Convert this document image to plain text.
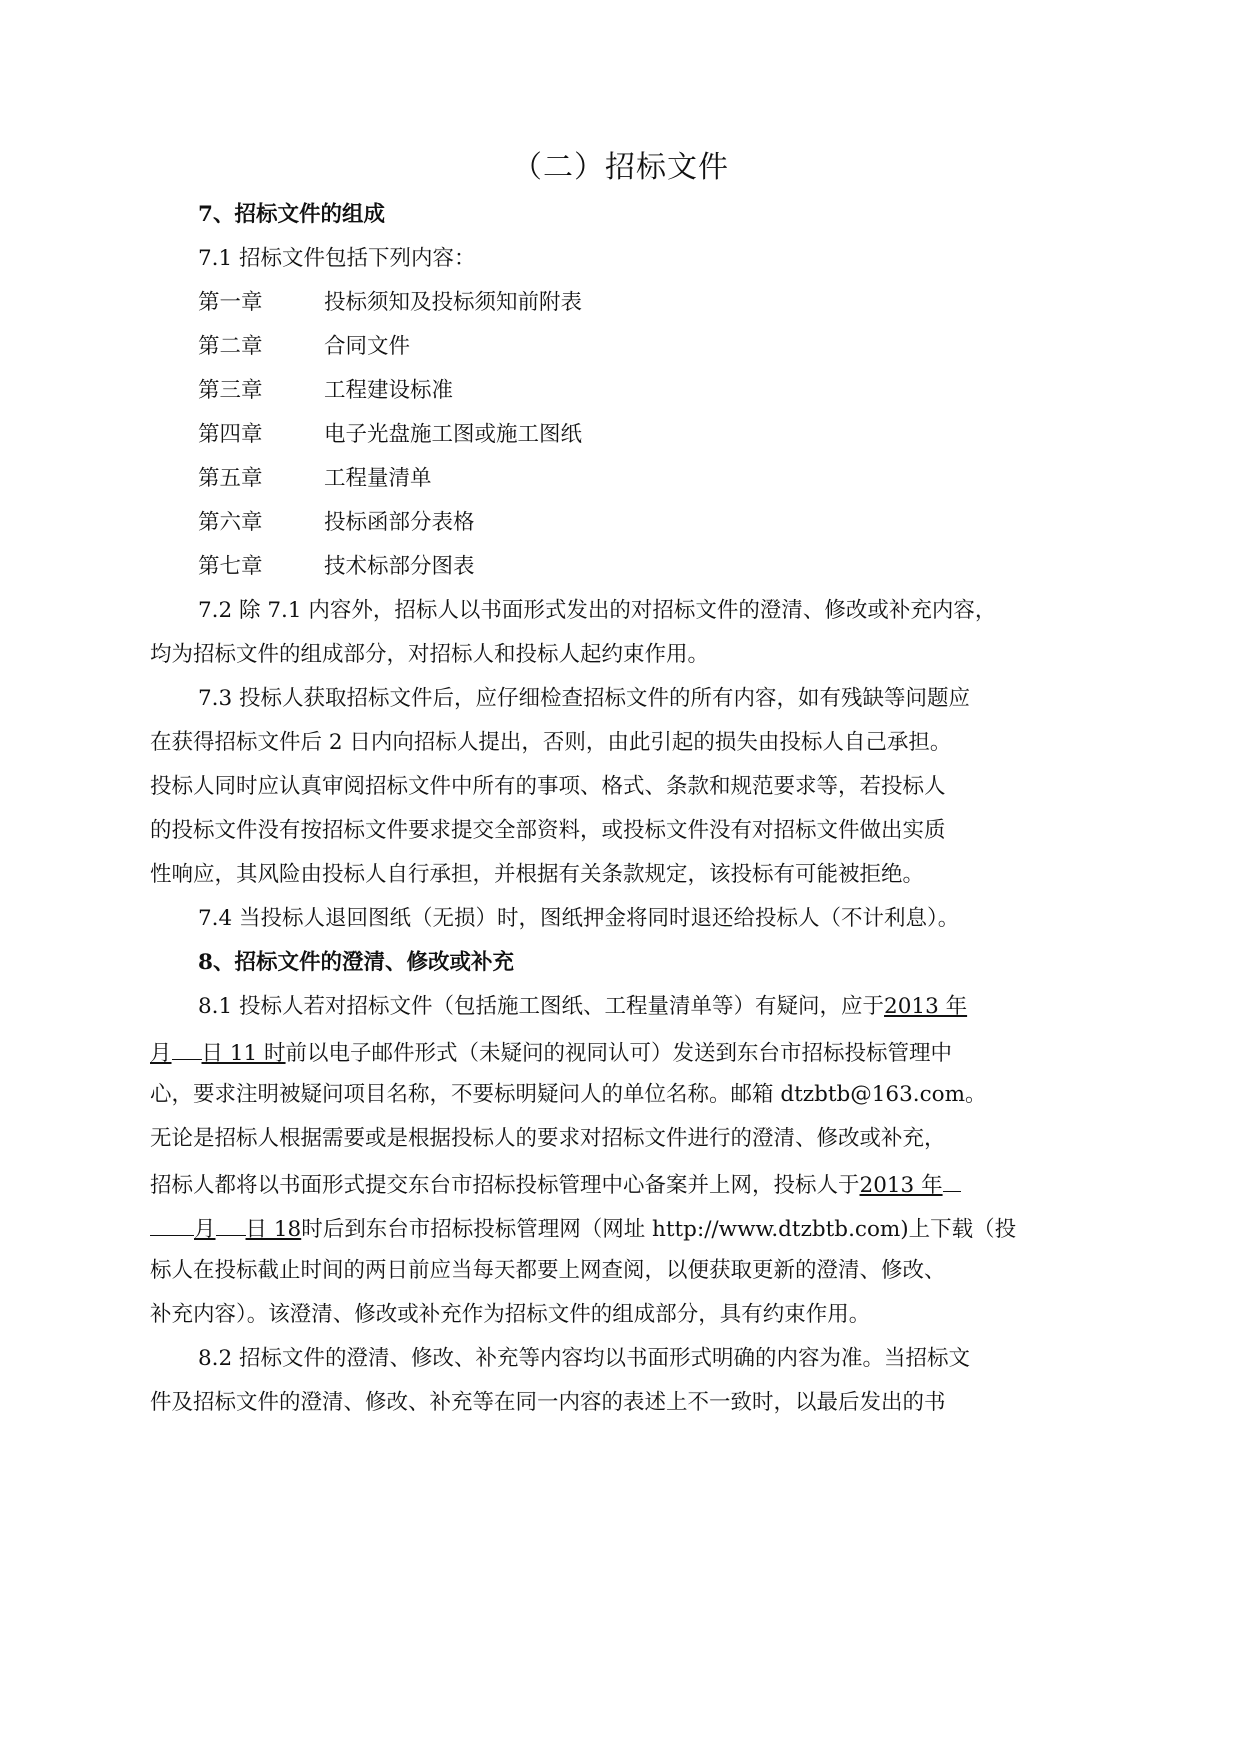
（二）招标文件
7、招标文件的组成
7.1 招标文件包括下列内容：
第一章	投标须知及投标须知前附表
第二章	合同文件
第三章	工程建设标准
第四章	电子光盘施工图或施工图纸
第五章	工程量清单
第六章	投标函部分表格
第七章	技术标部分图表
7.2 除 7.1 内容外，招标人以书面形式发出的对招标文件的澄清、修改或补充内容，
均为招标文件的组成部分，对招标人和投标人起约束作用。
7.3 投标人获取招标文件后，应仔细检查招标文件的所有内容，如有残缺等问题应
在获得招标文件后 2 日内向招标人提出，否则，由此引起的损失由投标人自己承担。
投标人同时应认真审阅招标文件中所有的事项、格式、条款和规范要求等，若投标人
的投标文件没有按招标文件要求提交全部资料，或投标文件没有对招标文件做出实质
性响应，其风险由投标人自行承担，并根据有关条款规定，该投标有可能被拒绝。
7.4 当投标人退回图纸（无损）时，图纸押金将同时退还给投标人（不计利息）。
8、招标文件的澄清、修改或补充
8.1 投标人若对招标文件（包括施工图纸、工程量清单等）有疑问，应于2013 年
月 日 11 时前以电子邮件形式（未疑问的视同认可）发送到东台市招标投标管理中
心，要求注明被疑问项目名称，不要标明疑问人的单位名称。邮箱 dtzbtb@163.com。
无论是招标人根据需要或是根据投标人的要求对招标文件进行的澄清、修改或补充，
招标人都将以书面形式提交东台市招标投标管理中心备案并上网，投标人于2013 年
月 日 18时后到东台市招标投标管理网（网址 http://www.dtzbtb.com)上下载（投
标人在投标截止时间的两日前应当每天都要上网查阅，以便获取更新的澄清、修改、
补充内容）。该澄清、修改或补充作为招标文件的组成部分，具有约束作用。
8.2 招标文件的澄清、修改、补充等内容均以书面形式明确的内容为准。当招标文
件及招标文件的澄清、修改、补充等在同一内容的表述上不一致时，以最后发出的书
